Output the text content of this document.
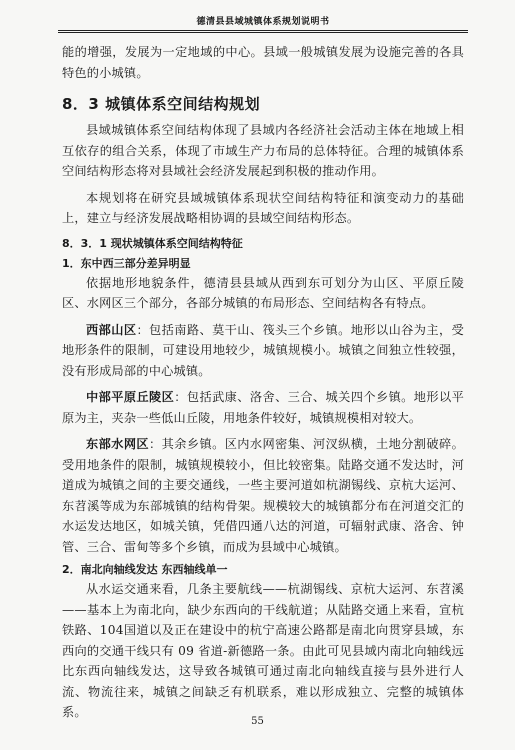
德清县县域城镇体系规划说明书

能的增强，发展为一定地域的中心。县域一般城镇发展为设施完善的各具特色的小城镇。

8．3 城镇体系空间结构规划

县域城镇体系空间结构体现了县域内各经济社会活动主体在地域上相互依存的组合关系，体现了市域生产力布局的总体特征。合理的城镇体系空间结构形态将对县域社会经济发展起到积极的推动作用。

本规划将在研究县域城镇体系现状空间结构特征和演变动力的基础上，建立与经济发展战略相协调的县域空间结构形态。

8．3．1 现状城镇体系空间结构特征
1．东中西三部分差异明显

依据地形地貌条件，德清县县域从西到东可划分为山区、平原丘陵区、水网区三个部分，各部分城镇的布局形态、空间结构各有特点。

西部山区：包括南路、莫干山、筏头三个乡镇。地形以山谷为主，受地形条件的限制，可建设用地较少，城镇规模小。城镇之间独立性较强，没有形成局部的中心城镇。

中部平原丘陵区：包括武康、洛舍、三合、城关四个乡镇。地形以平原为主，夹杂一些低山丘陵，用地条件较好，城镇规模相对较大。

东部水网区：其余乡镇。区内水网密集、河汊纵横，土地分割破碎。受用地条件的限制，城镇规模较小，但比较密集。陆路交通不发达时，河道成为城镇之间的主要交通线，一些主要河道如杭湖锡线、京杭大运河、东苕溪等成为东部城镇的结构骨架。规模较大的城镇都分布在河道交汇的水运发达地区，如城关镇，凭借四通八达的河道，可辐射武康、洛舍、钟管、三合、雷甸等多个乡镇，而成为县域中心城镇。

2．南北向轴线发达 东西轴线单一

从水运交通来看，几条主要航线——杭湖锡线、京杭大运河、东苕溪——基本上为南北向，缺少东西向的干线航道；从陆路交通上来看，宣杭铁路、104国道以及正在建设中的杭宁高速公路都是南北向贯穿县域，东西向的交通干线只有 09 省道-新德路一条。由此可见县域内南北向轴线远比东西向轴线发达，这导致各城镇可通过南北向轴线直接与县外进行人流、物流往来，城镇之间缺乏有机联系，难以形成独立、完整的城镇体系。

55
